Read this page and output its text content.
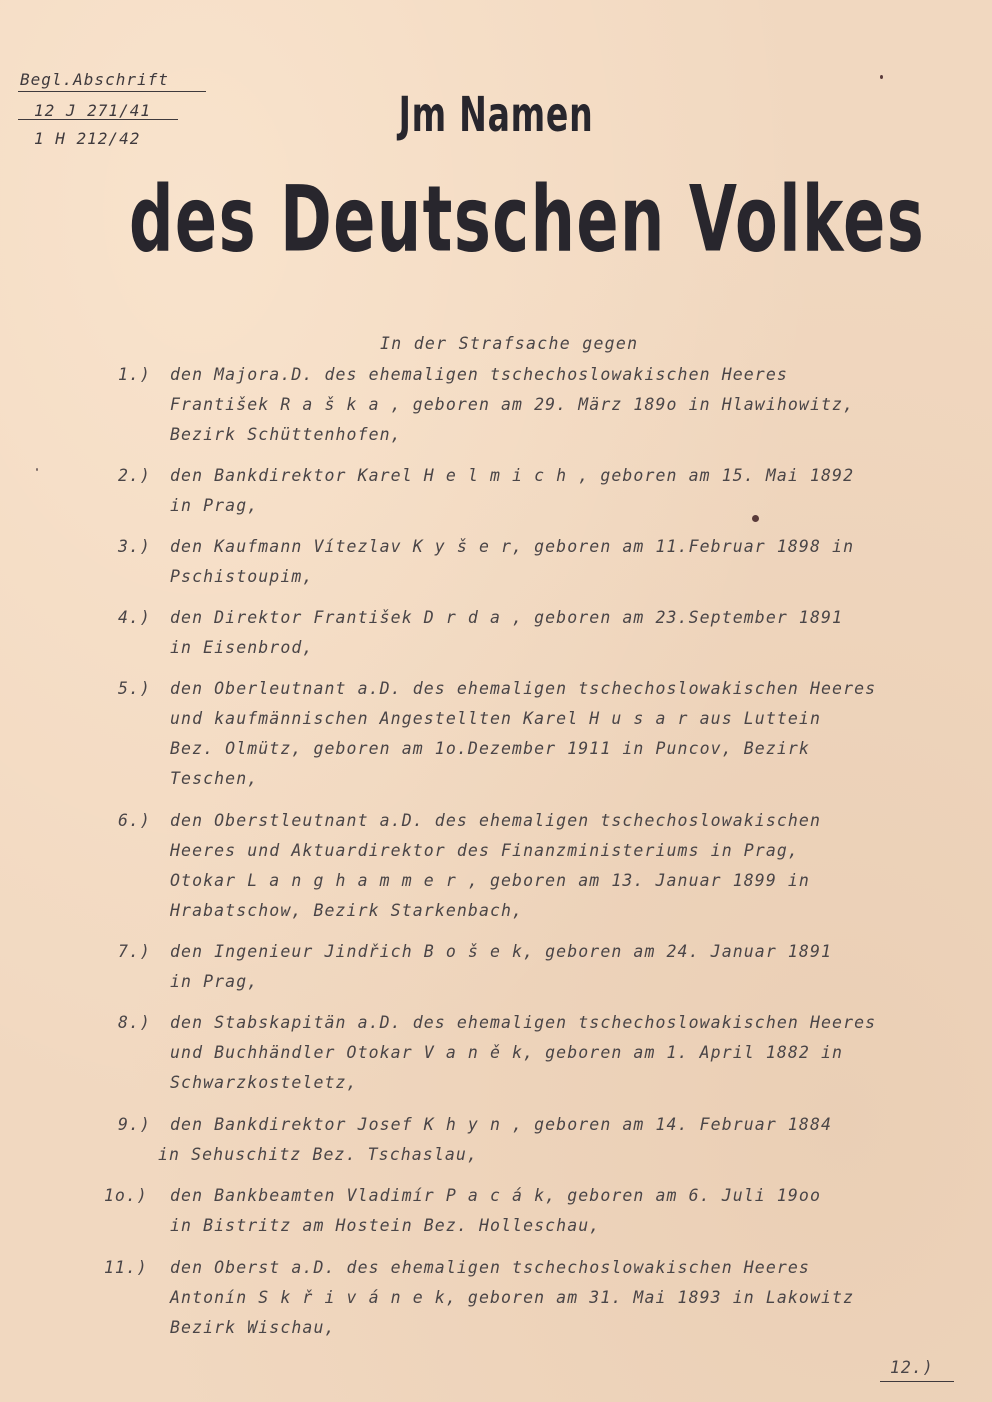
Begl.Abschrift
12 J 271/41
1 H 212/42	Jm Namen
des Deutschen Volkes
In der Strafsache gegen
1.) den Majora.D. des ehemaligen tschechoslowakischen Heeres
František R a š k a , geboren am 29. März 189o in Hlawihowitz,
Bezirk Schüttenhofen,
2.) den Bankdirektor Karel H e l m i c h , geboren am 15. Mai 1892
in Prag,
3.) den Kaufmann Vítezlav K y š e r, geboren am 11.Februar 1898 in
Pschistoupim,
4.) den Direktor František D r d a , geboren am 23.September 1891
in Eisenbrod,
5.) den Oberleutnant a.D. des ehemaligen tschechoslowakischen Heeres
und kaufmännischen Angestellten Karel H u s a r aus Luttein
Bez. Olmütz, geboren am 1o.Dezember 1911 in Puncov, Bezirk
Teschen,
6.) den Oberstleutnant a.D. des ehemaligen tschechoslowakischen
Heeres und Aktuardirektor des Finanzministeriums in Prag,
Otokar L a n g h a m m e r , geboren am 13. Januar 1899 in
Hrabatschow, Bezirk Starkenbach,
7.) den Ingenieur Jindřich B o š e k, geboren am 24. Januar 1891
in Prag,
8.) den Stabskapitän a.D. des ehemaligen tschechoslowakischen Heeres
und Buchhändler Otokar V a n ě k, geboren am 1. April 1882 in
Schwarzkosteletz,
9.) den Bankdirektor Josef K h y n , geboren am 14. Februar 1884
in Sehuschitz Bez. Tschaslau,
1o.) den Bankbeamten Vladimír P a c á k, geboren am 6. Juli 19oo
in Bistritz am Hostein Bez. Holleschau,
11.) den Oberst a.D. des ehemaligen tschechoslowakischen Heeres
Antonín S k ř i v á n e k, geboren am 31. Mai 1893 in Lakowitz
Bezirk Wischau,
12.)
